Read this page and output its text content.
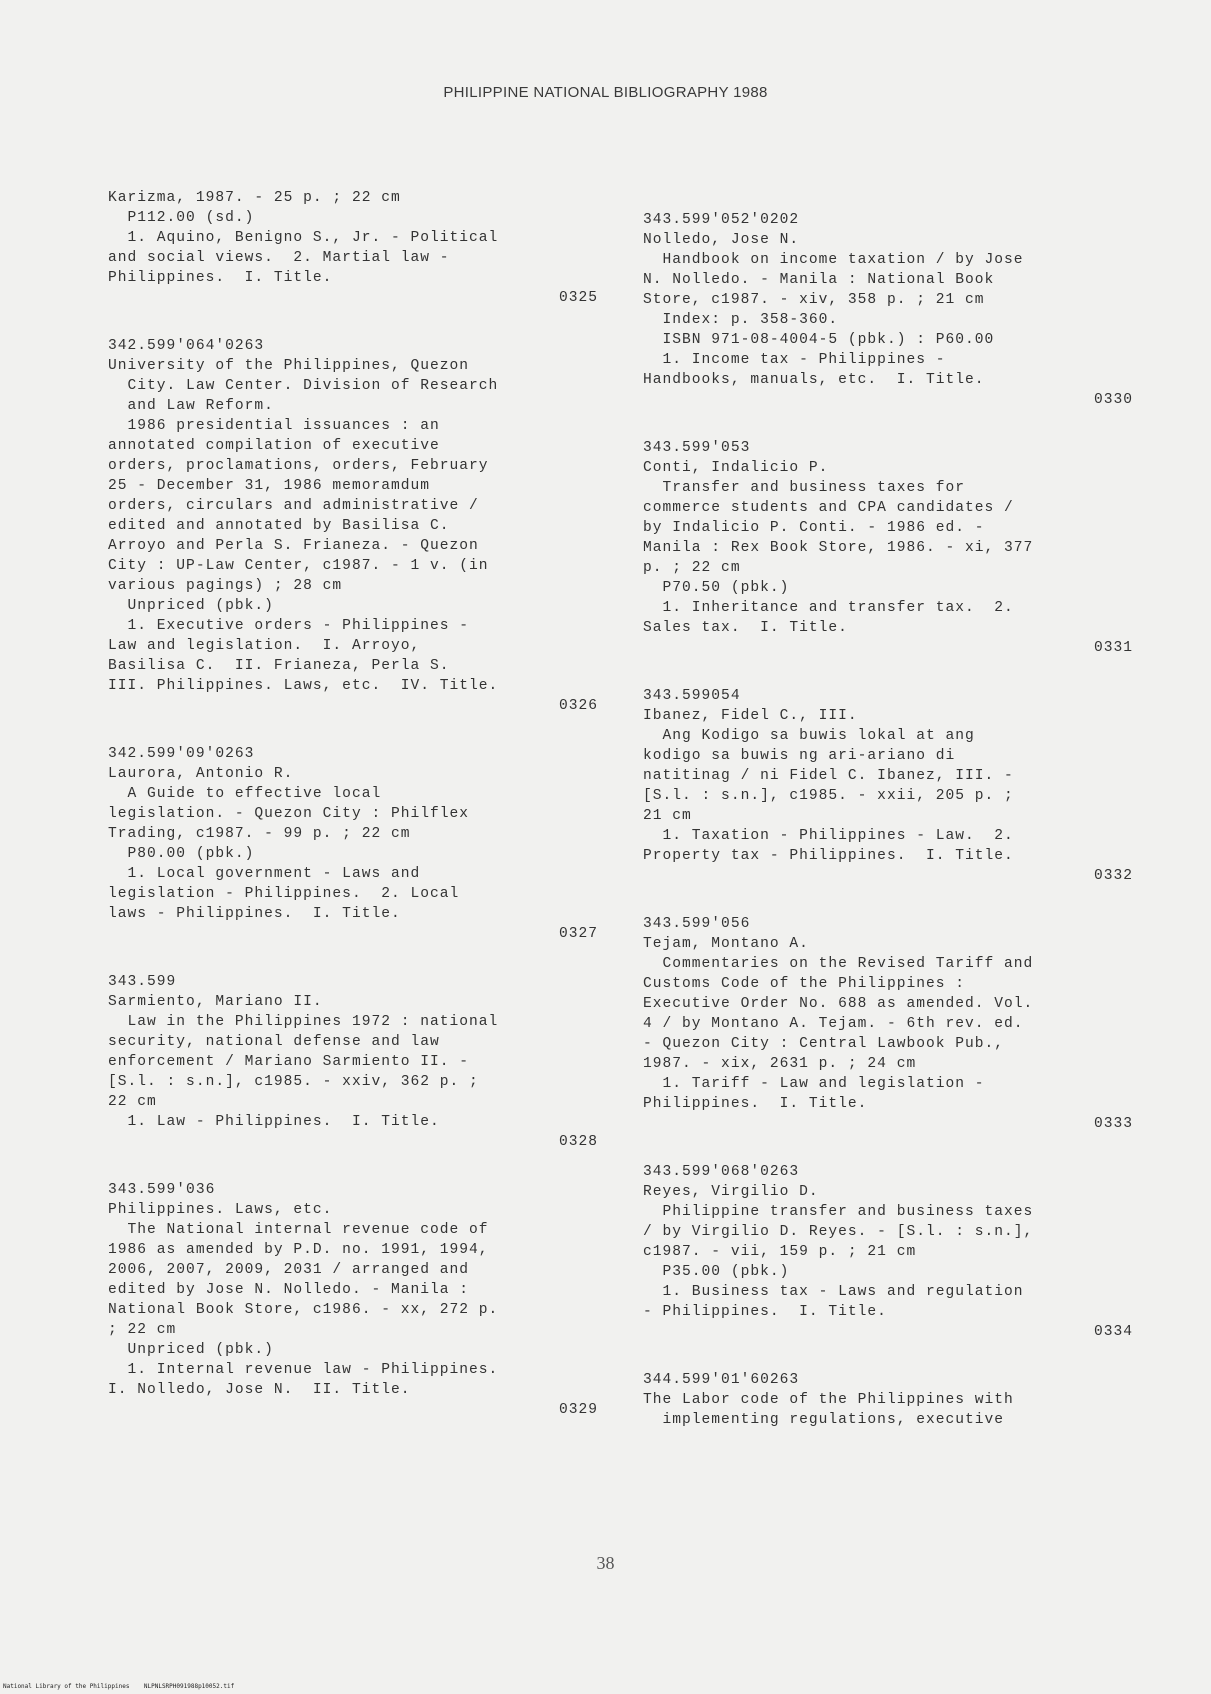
PHILIPPINE NATIONAL BIBLIOGRAPHY 1988
Karizma, 1987. - 25 p. ; 22 cm
P112.00 (sd.)
1. Aquino, Benigno S., Jr. - Political
and social views.  2. Martial law -
Philippines.  I. Title.
0325
342.599'064'0263
University of the Philippines, Quezon
City. Law Center. Division of Research
and Law Reform.
1986 presidential issuances : an
annotated compilation of executive
orders, proclamations, orders, February
25 - December 31, 1986 memoramdum
orders, circulars and administrative /
edited and annotated by Basilisa C.
Arroyo and Perla S. Frianeza. - Quezon
City : UP-Law Center, c1987. - 1 v. (in
various pagings) ; 28 cm
Unpriced (pbk.)
1. Executive orders - Philippines -
Law and legislation.  I. Arroyo,
Basilisa C.  II. Frianeza, Perla S.
III. Philippines. Laws, etc.  IV. Title.
0326
342.599'09'0263
Laurora, Antonio R.
A Guide to effective local
legislation. - Quezon City : Philflex
Trading, c1987. - 99 p. ; 22 cm
P80.00 (pbk.)
1. Local government - Laws and
legislation - Philippines.  2. Local
laws - Philippines.  I. Title.
0327
343.599
Sarmiento, Mariano II.
Law in the Philippines 1972 : national
security, national defense and law
enforcement / Mariano Sarmiento II. -
[S.l. : s.n.], c1985. - xxiv, 362 p. ;
22 cm
1. Law - Philippines.  I. Title.
0328
343.599'036
Philippines. Laws, etc.
The National internal revenue code of
1986 as amended by P.D. no. 1991, 1994,
2006, 2007, 2009, 2031 / arranged and
edited by Jose N. Nolledo. - Manila :
National Book Store, c1986. - xx, 272 p.
; 22 cm
Unpriced (pbk.)
1. Internal revenue law - Philippines.
I. Nolledo, Jose N.  II. Title.
0329
343.599'052'0202
Nolledo, Jose N.
Handbook on income taxation / by Jose
N. Nolledo. - Manila : National Book
Store, c1987. - xiv, 358 p. ; 21 cm
Index: p. 358-360.
ISBN 971-08-4004-5 (pbk.) : P60.00
1. Income tax - Philippines -
Handbooks, manuals, etc.  I. Title.
0330
343.599'053
Conti, Indalicio P.
Transfer and business taxes for
commerce students and CPA candidates /
by Indalicio P. Conti. - 1986 ed. -
Manila : Rex Book Store, 1986. - xi, 377
p. ; 22 cm
P70.50 (pbk.)
1. Inheritance and transfer tax.  2.
Sales tax.  I. Title.
0331
343.599054
Ibanez, Fidel C., III.
Ang Kodigo sa buwis lokal at ang
kodigo sa buwis ng ari-ariano di
natitinag / ni Fidel C. Ibanez, III. -
[S.l. : s.n.], c1985. - xxii, 205 p. ;
21 cm
1. Taxation - Philippines - Law.  2.
Property tax - Philippines.  I. Title.
0332
343.599'056
Tejam, Montano A.
Commentaries on the Revised Tariff and
Customs Code of the Philippines :
Executive Order No. 688 as amended. Vol.
4 / by Montano A. Tejam. - 6th rev. ed.
- Quezon City : Central Lawbook Pub.,
1987. - xix, 2631 p. ; 24 cm
1. Tariff - Law and legislation -
Philippines.  I. Title.
0333
343.599'068'0263
Reyes, Virgilio D.
Philippine transfer and business taxes
/ by Virgilio D. Reyes. - [S.l. : s.n.],
c1987. - vii, 159 p. ; 21 cm
P35.00 (pbk.)
1. Business tax - Laws and regulation
- Philippines.  I. Title.
0334
344.599'01'60263
The Labor code of the Philippines with
implementing regulations, executive
38
National Library of the Philippines    NLPNLSRPH091988p10052.tif
